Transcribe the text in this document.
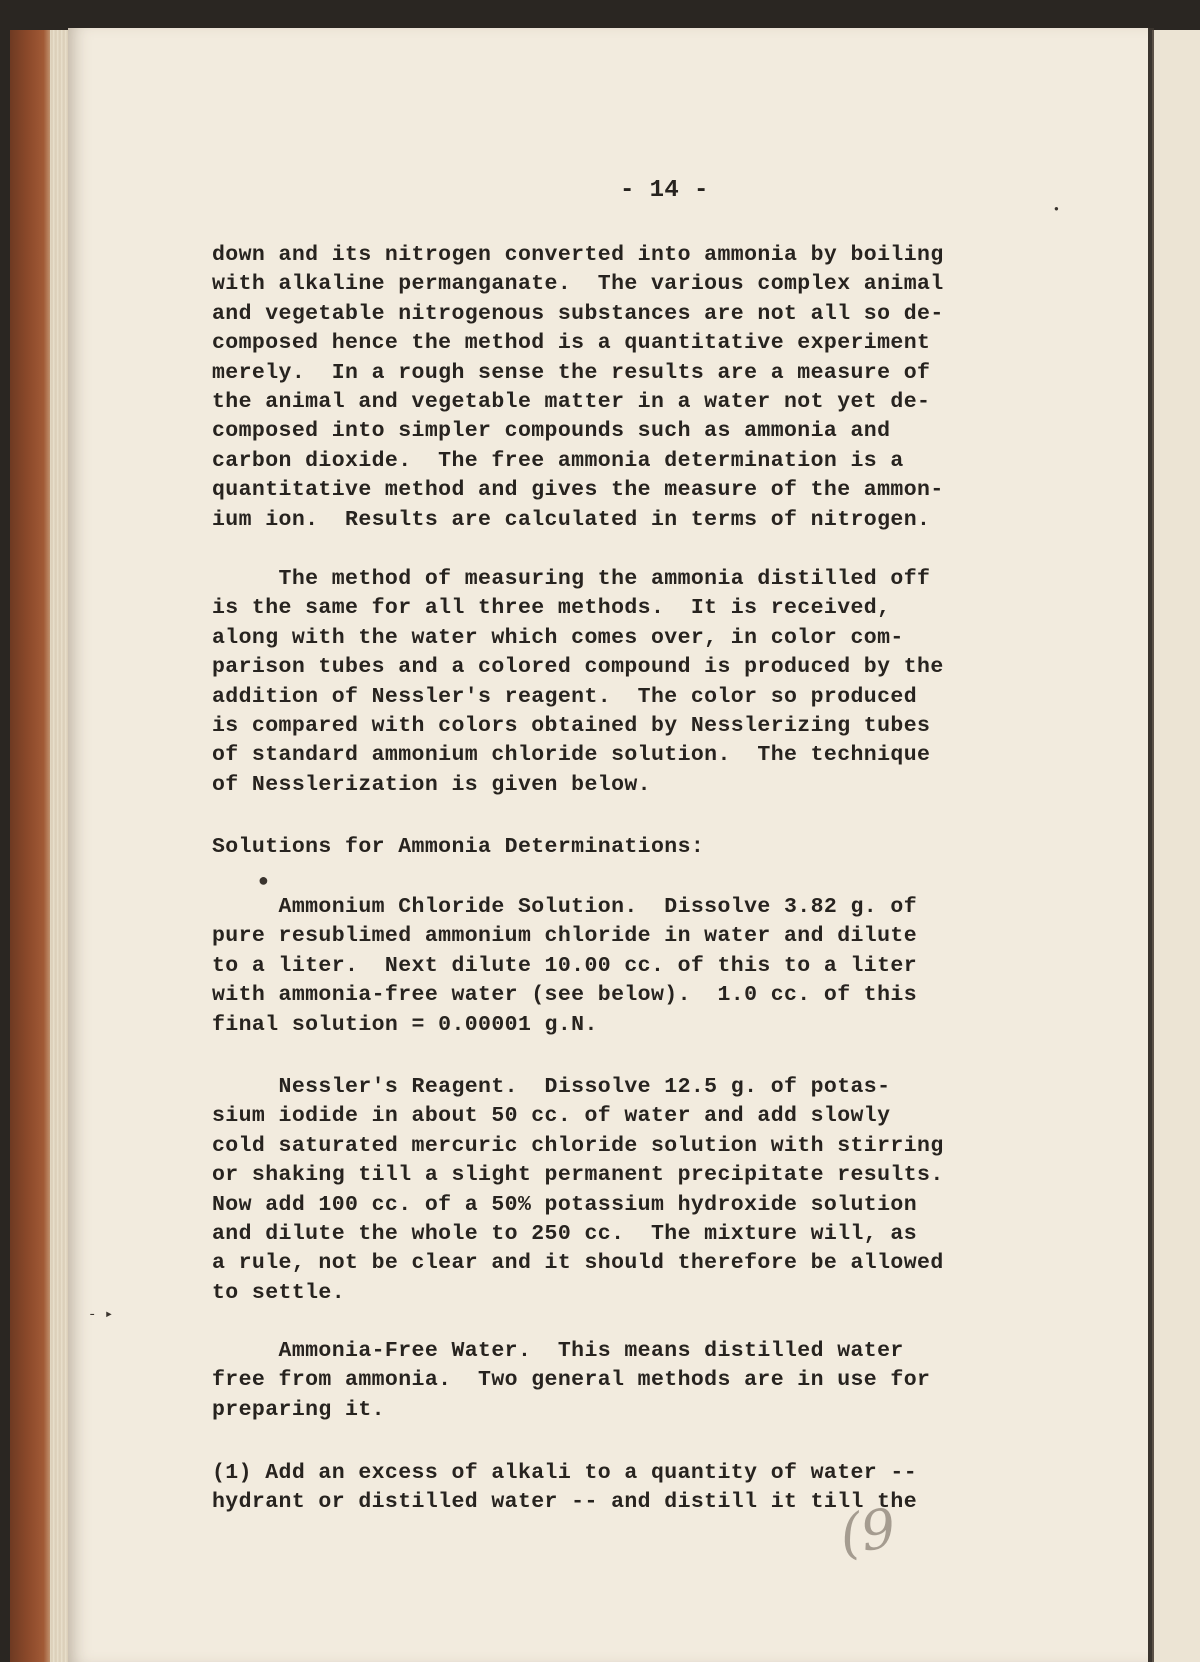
- 14 -

down and its nitrogen converted into ammonia by boiling
with alkaline permanganate.  The various complex animal
and vegetable nitrogenous substances are not all so de-
composed hence the method is a quantitative experiment
merely.  In a rough sense the results are a measure of
the animal and vegetable matter in a water not yet de-
composed into simpler compounds such as ammonia and
carbon dioxide.  The free ammonia determination is a
quantitative method and gives the measure of the ammon-
ium ion.  Results are calculated in terms of nitrogen.

The method of measuring the ammonia distilled off
is the same for all three methods.  It is received,
along with the water which comes over, in color com-
parison tubes and a colored compound is produced by the
addition of Nessler's reagent.  The color so produced
is compared with colors obtained by Nesslerizing tubes
of standard ammonium chloride solution.  The technique
of Nesslerization is given below.

Solutions for Ammonia Determinations:

Ammonium Chloride Solution.  Dissolve 3.82 g. of
pure resublimed ammonium chloride in water and dilute
to a liter.  Next dilute 10.00 cc. of this to a liter
with ammonia-free water (see below).  1.0 cc. of this
final solution = 0.00001 g.N.

Nessler's Reagent.  Dissolve 12.5 g. of potas-
sium iodide in about 50 cc. of water and add slowly
cold saturated mercuric chloride solution with stirring
or shaking till a slight permanent precipitate results.
Now add 100 cc. of a 50% potassium hydroxide solution
and dilute the whole to 250 cc.  The mixture will, as
a rule, not be clear and it should therefore be allowed
to settle.

Ammonia-Free Water.  This means distilled water
free from ammonia.  Two general methods are in use for
preparing it.

(1) Add an excess of alkali to a quantity of water --
hydrant or distilled water -- and distill it till the

●
●
- ▸
(9
